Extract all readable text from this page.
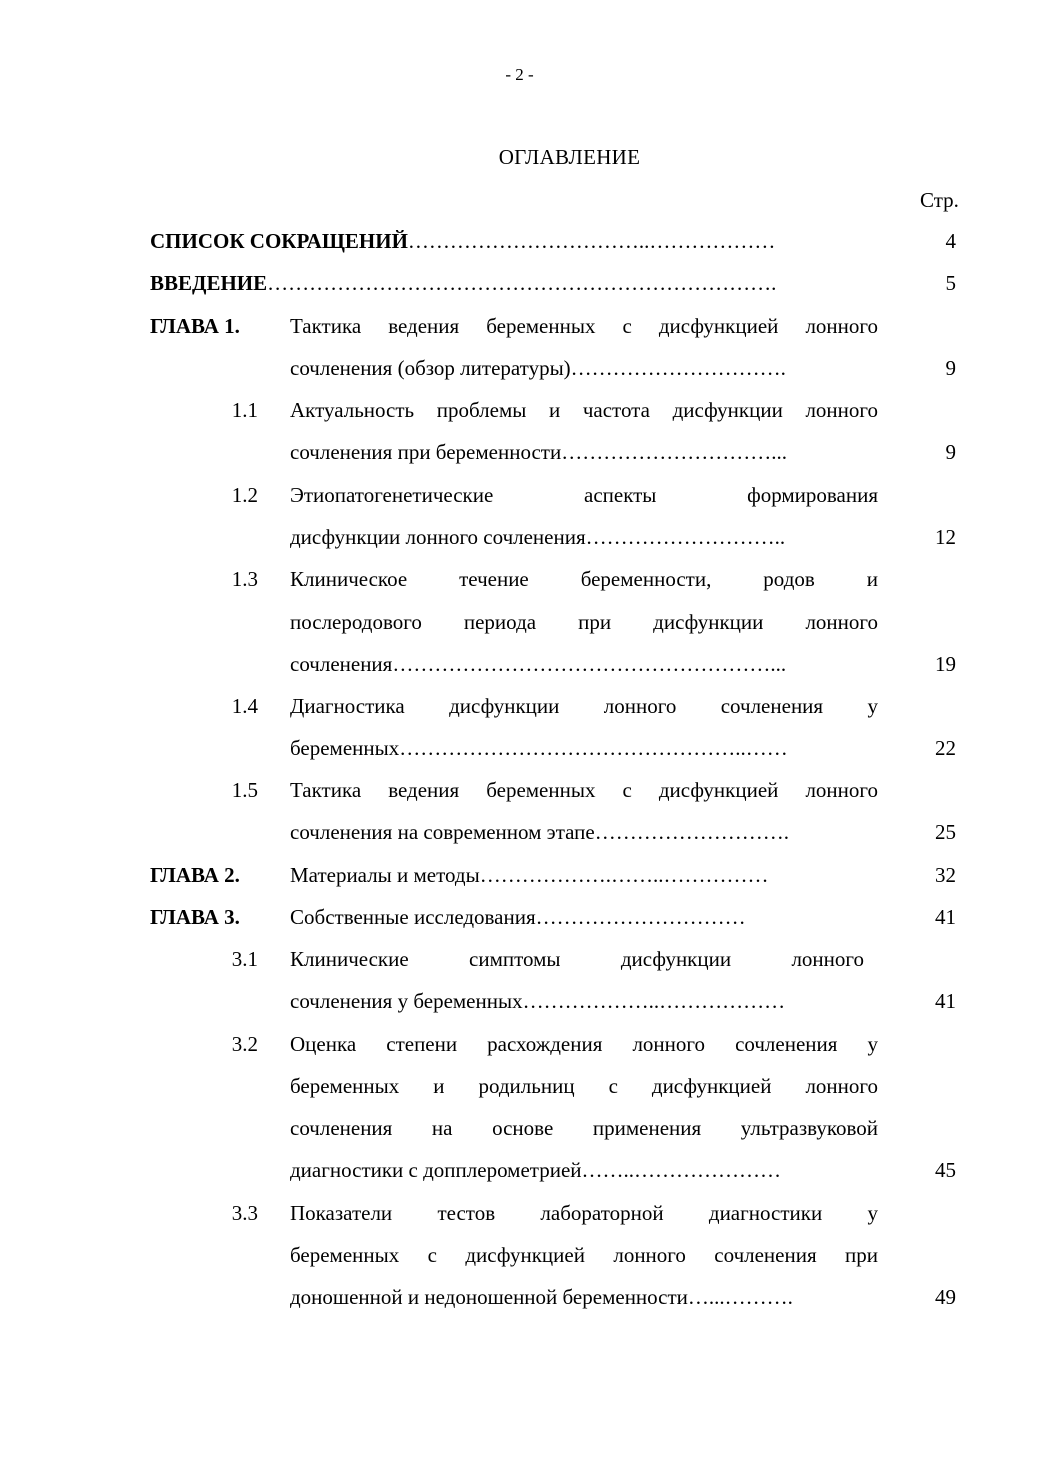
- 2 -
ОГЛАВЛЕНИЕ
Стр.
СПИСОК СОКРАЩЕНИЙ……………………………..………………	4
ВВЕДЕНИЕ……………………………………………………………….	5
ГЛАВА 1. Тактика ведения беременных с дисфункцией лонного
сочленения (обзор литературы)………………………….	9
1.1 Актуальность проблемы и частота дисфункции лонного
сочленения при беременности…………………………...	9
1.2 Этиопатогенетические аспекты формирования
дисфункции лонного сочленения………………………..	12
1.3 Клиническое течение беременности, родов и
послеродового периода при дисфункции лонного
сочленения………………………………………………...	19
1.4 Диагностика дисфункции лонного сочленения у
беременных…………………………………………..……	22
1.5 Тактика ведения беременных с дисфункцией лонного
сочленения на современном этапе……………………….	25
ГЛАВА 2. Материалы и методы……………….……..……………	32
ГЛАВА 3. Собственные исследования…………………………	41
3.1 Клинические симптомы дисфункции лонного
сочленения у беременных………………..………………	41
3.2 Оценка степени расхождения лонного сочленения у
беременных и родильниц с дисфункцией лонного
сочленения на основе применения ультразвуковой
диагностики с допплерометрией……..…………………	45
3.3 Показатели тестов лабораторной диагностики у
беременных с дисфункцией лонного сочленения при
доношенной и недоношенной беременности…...……….	49
